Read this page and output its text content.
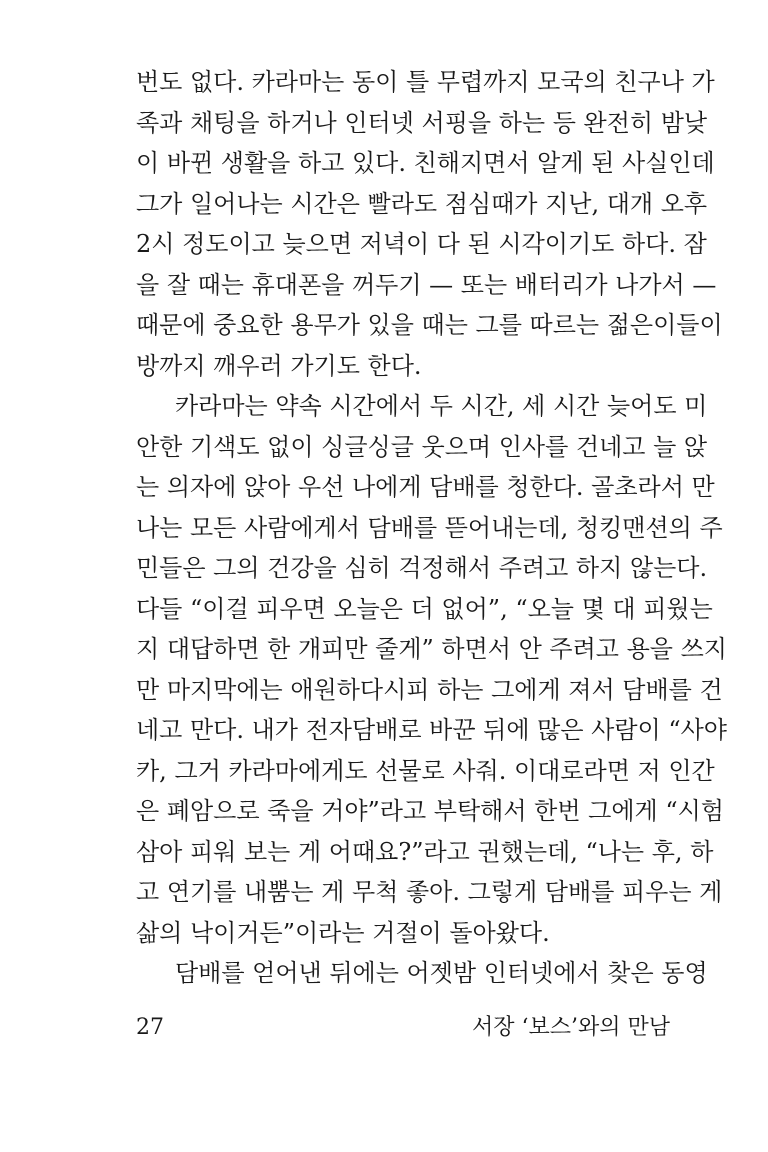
번도 없다. 카라마는 동이 틀 무렵까지 모국의 친구나 가
족과 채팅을 하거나 인터넷 서핑을 하는 등 완전히 밤낮
이 바뀐 생활을 하고 있다. 친해지면서 알게 된 사실인데
그가 일어나는 시간은 빨라도 점심때가 지난, 대개 오후
2시 정도이고 늦으면 저녁이 다 된 시각이기도 하다. 잠
을 잘 때는 휴대폰을 꺼두기 — 또는 배터리가 나가서 —
때문에 중요한 용무가 있을 때는 그를 따르는 젊은이들이
방까지 깨우러 가기도 한다.
카라마는 약속 시간에서 두 시간, 세 시간 늦어도 미
안한 기색도 없이 싱글싱글 웃으며 인사를 건네고 늘 앉
는 의자에 앉아 우선 나에게 담배를 청한다. 골초라서 만
나는 모든 사람에게서 담배를 뜯어내는데, 청킹맨션의 주
민들은 그의 건강을 심히 걱정해서 주려고 하지 않는다.
다들 “이걸 피우면 오늘은 더 없어”, “오늘 몇 대 피웠는
지 대답하면 한 개피만 줄게” 하면서 안 주려고 용을 쓰지
만 마지막에는 애원하다시피 하는 그에게 져서 담배를 건
네고 만다. 내가 전자담배로 바꾼 뒤에 많은 사람이 “사야
카, 그거 카라마에게도 선물로 사줘. 이대로라면 저 인간
은 폐암으로 죽을 거야”라고 부탁해서 한번 그에게 “시험
삼아 피워 보는 게 어때요?”라고 권했는데, “나는 후, 하
고 연기를 내뿜는 게 무척 좋아. 그렇게 담배를 피우는 게
삶의 낙이거든”이라는 거절이 돌아왔다.
담배를 얻어낸 뒤에는 어젯밤 인터넷에서 찾은 동영
27	서장 ‘보스’와의 만남
